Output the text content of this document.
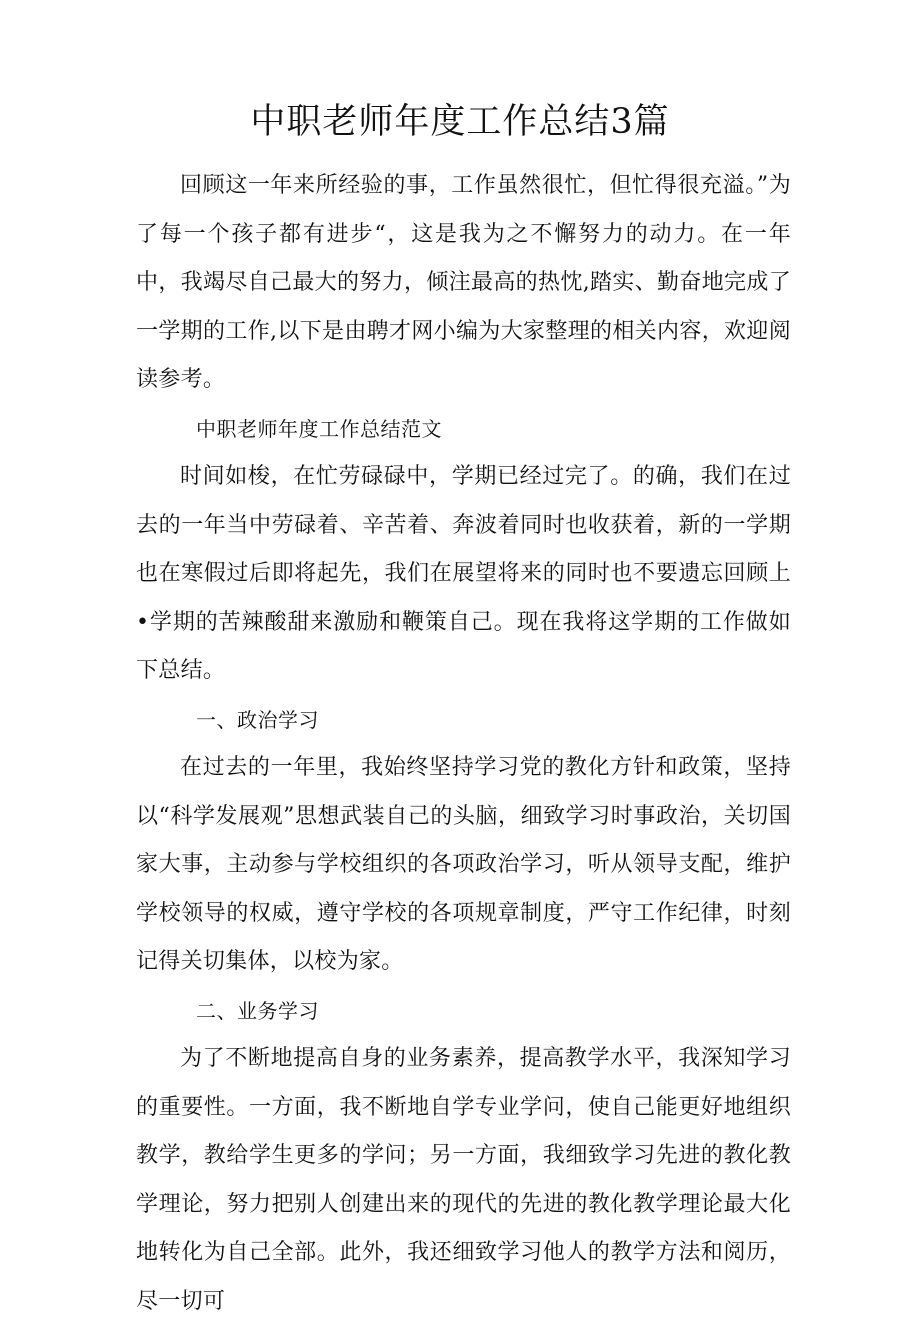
中职老师年度工作总结3篇

回顾这一年来所经验的事，工作虽然很忙，但忙得很充溢。”为了每一个孩子都有进步“，这是我为之不懈努力的动力。在一年中，我竭尽自己最大的努力，倾注最高的热忱,踏实、勤奋地完成了一学期的工作,以下是由聘才网小编为大家整理的相关内容，欢迎阅读参考。

中职老师年度工作总结范文

时间如梭，在忙劳碌碌中，学期已经过完了。的确，我们在过去的一年当中劳碌着、辛苦着、奔波着同时也收获着，新的一学期也在寒假过后即将起先，我们在展望将来的同时也不要遗忘回顾上•学期的苦辣酸甜来激励和鞭策自己。现在我将这学期的工作做如下总结。

一、政治学习

在过去的一年里，我始终坚持学习党的教化方针和政策，坚持以“科学发展观”思想武装自己的头脑，细致学习时事政治，关切国家大事，主动参与学校组织的各项政治学习，听从领导支配，维护学校领导的权威，遵守学校的各项规章制度，严守工作纪律，时刻记得关切集体，以校为家。

二、业务学习

为了不断地提高自身的业务素养，提高教学水平，我深知学习的重要性。一方面，我不断地自学专业学问，使自己能更好地组织教学，教给学生更多的学问；另一方面，我细致学习先进的教化教学理论，努力把别人创建出来的现代的先进的教化教学理论最大化地转化为自己全部。此外，我还细致学习他人的教学方法和阅历，尽一切可
